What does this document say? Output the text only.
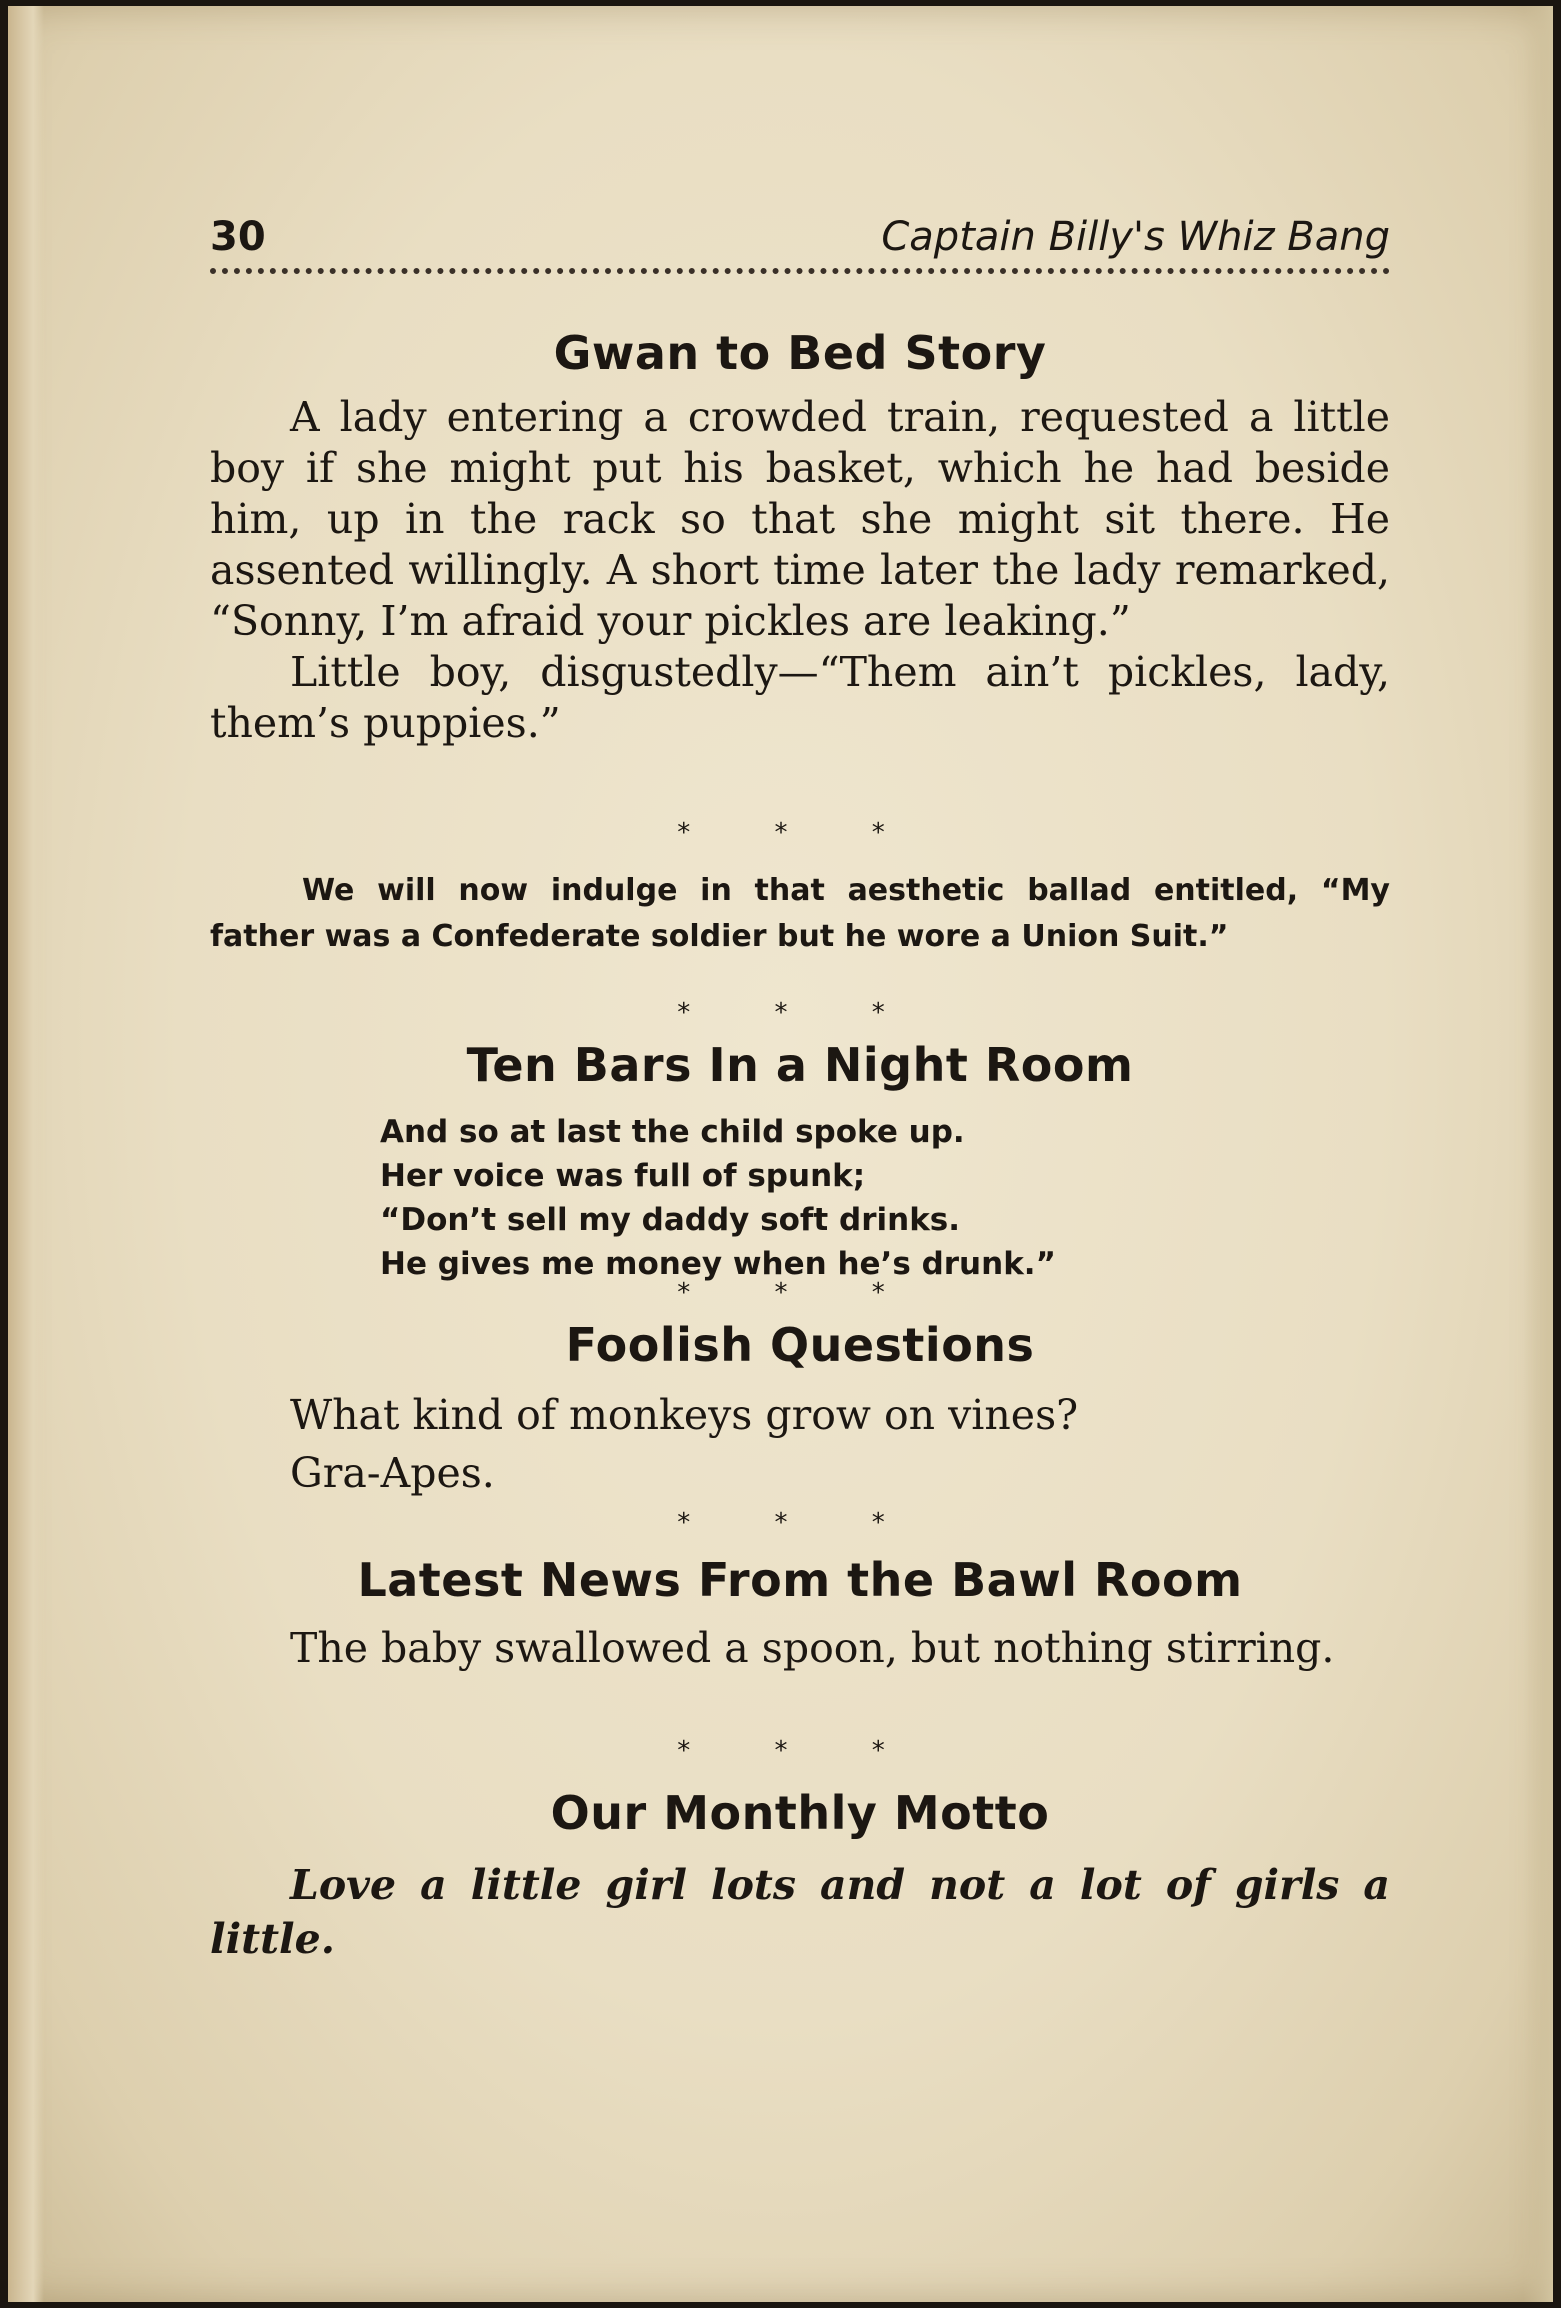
30	Captain Billy's Whiz Bang
Gwan to Bed Story

A lady entering a crowded train, requested a little boy if she might put his basket, which he had beside him, up in the rack so that she might sit there. He assented willingly. A short time later the lady remarked, “Sonny, I’m afraid your pickles are leaking.”

Little boy, disgustedly—“Them ain’t pickles, lady, them’s puppies.”

* * *
We will now indulge in that aesthetic ballad entitled, “My father was a Confederate soldier but he wore a Union Suit.”
* * *
Ten Bars In a Night Room
And so at last the child spoke up.
Her voice was full of spunk;
“Don’t sell my daddy soft drinks.
He gives me money when he’s drunk.”
* * *
Foolish Questions
What kind of monkeys grow on vines?
Gra-Apes.
* * *
Latest News From the Bawl Room

The baby swallowed a spoon, but nothing stirring.

* * *
Our Monthly Motto
Love a little girl lots and not a lot of girls a little.
